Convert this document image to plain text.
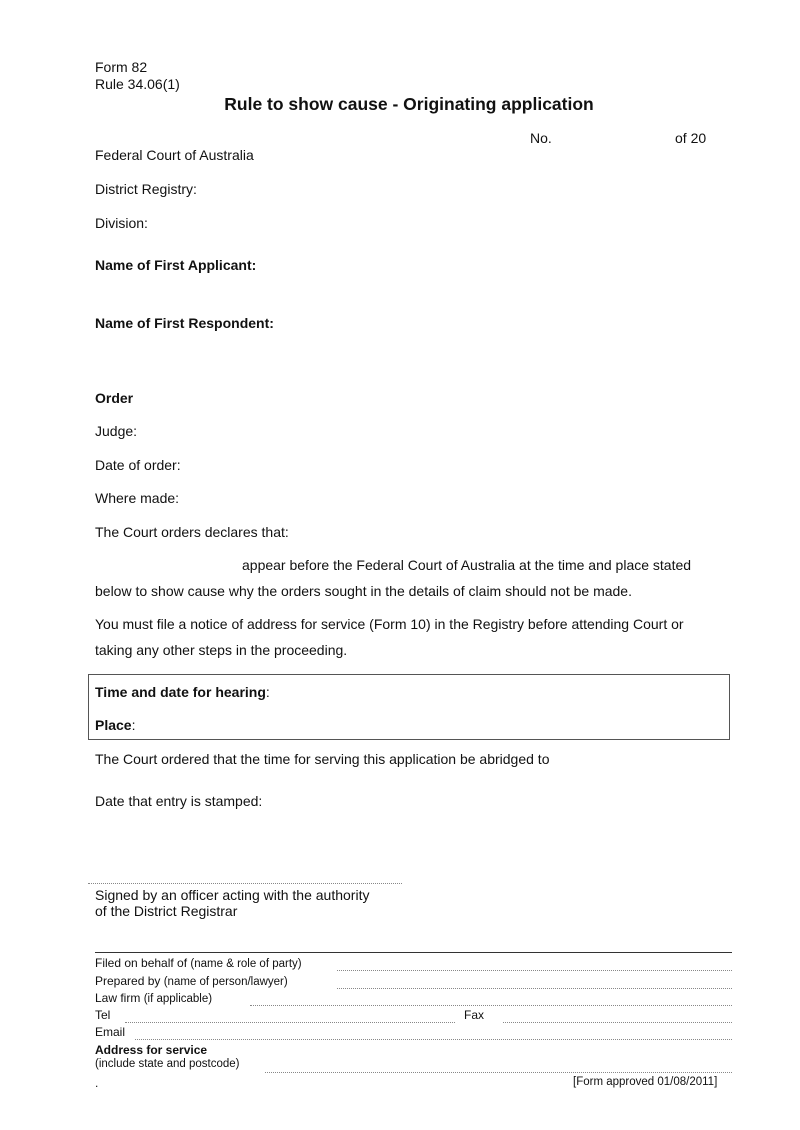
Form 82
Rule 34.06(1)
Rule to show cause - Originating application
No.	of 20
Federal Court of Australia
District Registry:
Division:
Name of First Applicant:
Name of First Respondent:
Order
Judge:
Date of order:
Where made:
The Court orders declares that:
appear before the Federal Court of Australia at the time and place stated
below to show cause why the orders sought in the details of claim should not be made.
You must file a notice of address for service (Form 10) in the Registry before attending Court or
taking any other steps in the proceeding.
Time and date for hearing:
Place:
The Court ordered that the time for serving this application be abridged to
Date that entry is stamped:
Signed by an officer acting with the authority
of the District Registrar
Filed on behalf of (name & role of party)
Prepared by (name of person/lawyer)
Law firm (if applicable)
Tel	Fax
Email
Address for service
(include state and postcode)
.	[Form approved 01/08/2011]
